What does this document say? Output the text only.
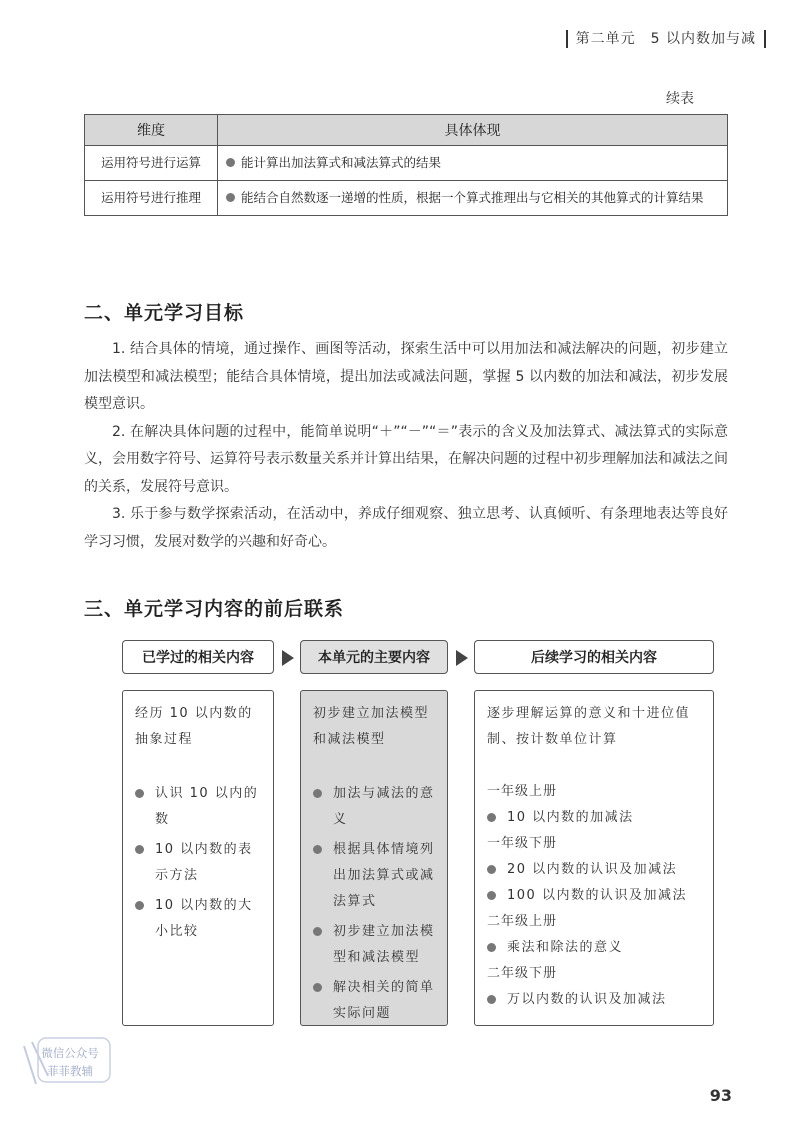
第二单元　5 以内数加与减
续表
维度	具体体现
运用符号进行运算	能计算出加法算式和减法算式的结果
运用符号进行推理	能结合自然数逐一递增的性质，根据一个算式推理出与它相关的其他算式的计算结果
二、单元学习目标

1. 结合具体的情境，通过操作、画图等活动，探索生活中可以用加法和减法解决的问题，初步建立加法模型和减法模型；能结合具体情境，提出加法或减法问题，掌握 5 以内数的加法和减法，初步发展模型意识。

2. 在解决具体问题的过程中，能简单说明“＋”“－”“＝”表示的含义及加法算式、减法算式的实际意义，会用数字符号、运算符号表示数量关系并计算出结果，在解决问题的过程中初步理解加法和减法之间的关系，发展符号意识。

3. 乐于参与数学探索活动，在活动中，养成仔细观察、独立思考、认真倾听、有条理地表达等良好学习习惯，发展对数学的兴趣和好奇心。

三、单元学习内容的前后联系
已学过的相关内容	本单元的主要内容	后续学习的相关内容

经历 10 以内数的抽象过程

认识 10 以内的数
10 以内数的表示方法
10 以内数的大小比较

初步建立加法模型和减法模型

加法与减法的意义
根据具体情境列出加法算式或减法算式
初步建立加法模型和减法模型
解决相关的简单实际问题

逐步理解运算的意义和十进位值制、按计数单位计算

一年级上册

10 以内数的加减法

一年级下册

20 以内数的认识及加减法
100 以内数的认识及加减法

二年级上册

乘法和除法的意义

二年级下册

万以内数的认识及加减法
微信公众号
菲菲教辅
93
